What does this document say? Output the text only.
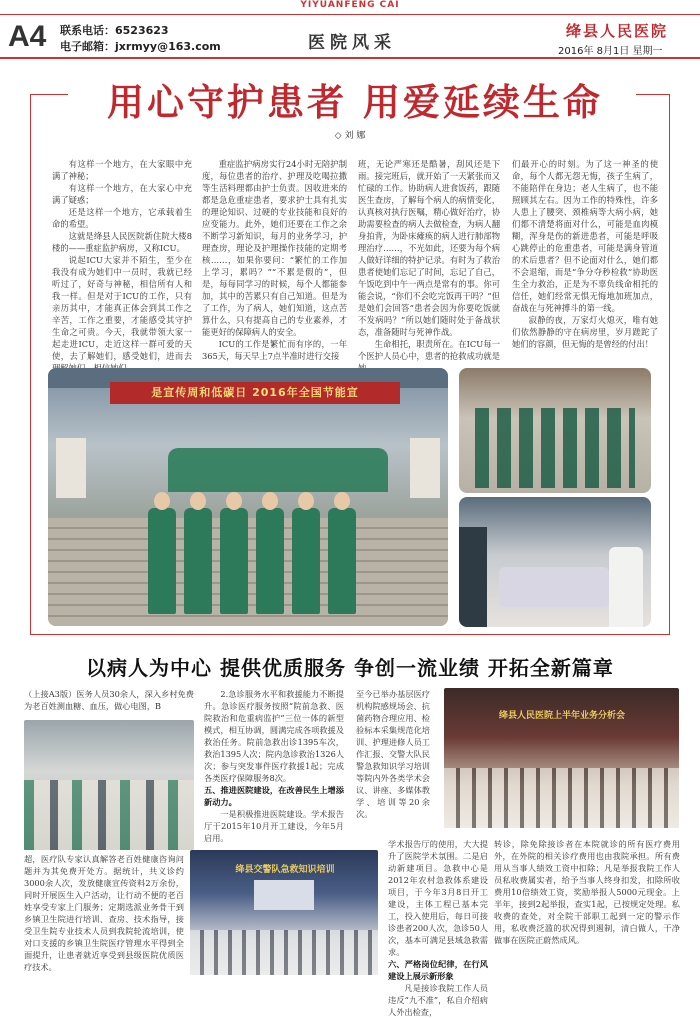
YIYUANFENG CAI
A4 联系电话：6523623
电子邮箱：jxrmyy@163.com	医院风采
绛县人民医院
2016年 8月1日 星期一
用心守护患者 用爱延续生命
◇ 刘 娜

有这样一个地方，在大家眼中充满了神秘；

有这样一个地方，在大家心中充满了疑惑；

还是这样一个地方，它承载着生命的希望。

这就是绛县人民医院新住院大楼8楼的——重症监护病房，又称ICU。

说起ICU大家并不陌生，至少在我没有成为她们中一员时，我就已经听过了，好奇与神秘，相信所有人和我一样。但是对于ICU的工作，只有亲历其中，才能真正体会到其工作之辛苦，工作之重要，才能感受其守护生命之可贵。今天，我就带领大家一起走进ICU，走近这样一群可爱的天使，去了解她们，感受她们，进而去

重症监护病房实行24小时无陪护制度，每位患者的治疗、护理及吃喝拉撒等生活料理都由护士负责。因收进来的都是急危重症患者，要求护士具有扎实的理论知识、过硬的专业技能和良好的应变能力。此外，她们还要在工作之余不断学习新知识，每月的业务学习，护理查房，理论及护理操作技能的定期考核……，如果你要问：“繁忙的工作加上学习，累吗？”“不累是假的”，但是，每每同学习的时候，每个人都能参加，其中的苦累只有自己知道。但是为了工作，为了病人，她们知道，这点苦算什么，只有提高自己的专业素养，才能更好的保障病人的安全。

ICU的工作是繁忙而有序的，一年365天，每天早上7点半准时进行交接

班，无论严寒还是酷暑，刮风还是下雨。接完班后，就开始了一天紧张而又忙碌的工作。协助病人进食饭药，跟随医生查房，了解每个病人的病情变化，认真核对执行医嘱，精心做好治疗，协助需要检查的病人去做检查，为病人翻身拍背，为卧床瘫痪的病人进行肺部物理治疗……，不光如此，还要为每个病人做好详细的特护记录。有时为了救治患者使她们忘记了时间，忘记了自己，午饭吃到中午一两点是常有的事。你可能会说，“你们不会吃完饭再干吗？”但是她们会回答“患者会因为你要吃饭就不发病吗？”所以她们随时处于备战状态，准备随时与死神作战。

生命相托，职责所在。在ICU每一个医护人员心中，患者的抢救成功就是

们最开心的时刻。为了这一神圣的使命，每个人都无怨无悔，孩子生病了，不能陪伴在身边；老人生病了，也不能照顾其左右。因为工作的特殊性，许多人患上了腰突、颈椎病等大病小病，她们都不清楚将面对什么，可能是血肉模糊，浑身是伤的新进患者，可能是呼吸心跳停止的危重患者，可能是满身管道的术后患者？但不论面对什么，她们都不会退缩，而是“争分夺秒检救”协助医生全力救治，正是为不辜负线命相托的信任，她们经常无惧无悔地加班加点，奋战在与死神搏斗的第一线。

寂静的夜，万家灯火熄灭，唯有她们依然静静的守在病房里，岁月蹉跎了她们的容颜，但无悔的是曾经的付出！

是宣传周和低碳日 2016年全国节能宣
以病人为中心 提供优质服务 争创一流业绩 开拓全新篇章
（上接A3版）医务人员30余人，深入乡村免费为老百姓测血糖、血压，做心电图，B
超，医疗队专家认真解答老百姓健康咨询问题并为其免费开处方。据统计，共义诊约3000余人次，发放健康宣传资料2万余份，同时开展医生入户活动，让行动不便的老百姓享受专家上门服务；定期选派业务骨干到乡镇卫生院进行培训、查房、技术指导，接受卫生院专业技术人员到我院轮流培训，使对口支援的乡镇卫生院医疗管理水平得到全面提升，让患者就近享受到县级医院优质医疗技术。

2.急诊服务水平和救援能力不断提升。急诊医疗服务按照“院前急救、医院救治和危重病监护”三位一体的新型模式，相互协调，圆满完成各项救援及救治任务。院前急救出诊1395车次，救治1395人次；院内急诊救治1326人次；参与突发事件医疗救援1起；完成各类医疗保障服务8次。

五、推进医院建设，在改善民生上增添新动力。

一是积极推进医院建设。学术报告厅于2015年10月开工建设，今年5月启用。

至今已举办基层医疗机构院感规场会、抗菌药物合理应用、检验标本采集规范化培训、护理进修人员工作汇报、交警大队民警急救知识学习培训等院内外各类学术会议、讲座、多媒体教学、培训等20余次。

绛县人民医院上半年业务分析会
绛县交警队急救知识培训

学术报告厅的使用，大大提升了医院学术氛围。二是启动新建项目。急救中心是2012年农村急救体系建设项目，于今年3月8日开工建设，主体工程已基本完工，投入使用后，每日可接诊患者200人次，急诊50人次，基本可满足县域急救需求。

六、严格岗位纪律，在行风建设上展示新形象

凡是接诊我院工作人员违反“九不准”，私自介绍病人外出检查，

转诊，除免除接诊者在本院就诊的所有医疗费用外，在外院的相关诊疗费用也由我院承担。所有费用从当事人绩效工资中扣除；凡是举报我院工作人员私收费属实者，给予当事人终身扣发，扣除所收费用10倍绩效工资，奖励举报人5000元现金。上半年，接到2起举报，查实1起，已按规定处理。私收费的查处，对全院干部职工起到一定的警示作用，私收费泛滥的状况得到遏制，清白做人，干净做事在医院正蔚然成风。
